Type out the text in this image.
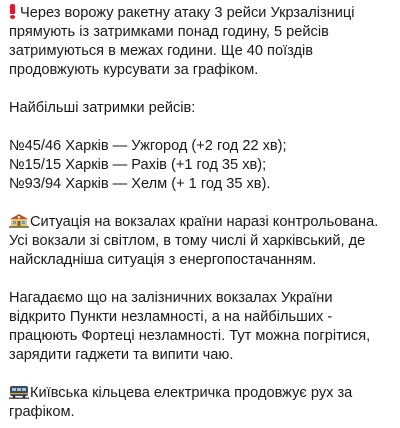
Через ворожу ракетну атаку 3 рейси Укрзалізниці
прямують із затримками понад годину, 5 рейсів
затримуються в межах години. Ще 40 поїздів
продовжують курсувати за графіком.

Найбільші затримки рейсів:

№45/46 Харків — Ужгород (+2 год 22 хв);
№15/15 Харків — Рахів (+1 год 35 хв);
№93/94 Харків — Хелм (+ 1 год 35 хв).

Ситуація на вокзалах країни наразі контрольована.
Усі вокзали зі світлом, в тому числі й харківський, де
найскладніша ситуація з енергопостачанням.

Нагадаємо що на залізничних вокзалах України
відкрито Пункти незламності, а на найбільших -
працюють Фортеці незламності. Тут можна погрітися,
зарядити гаджети та випити чаю.

Київська кільцева електричка продовжує рух за
графіком.
